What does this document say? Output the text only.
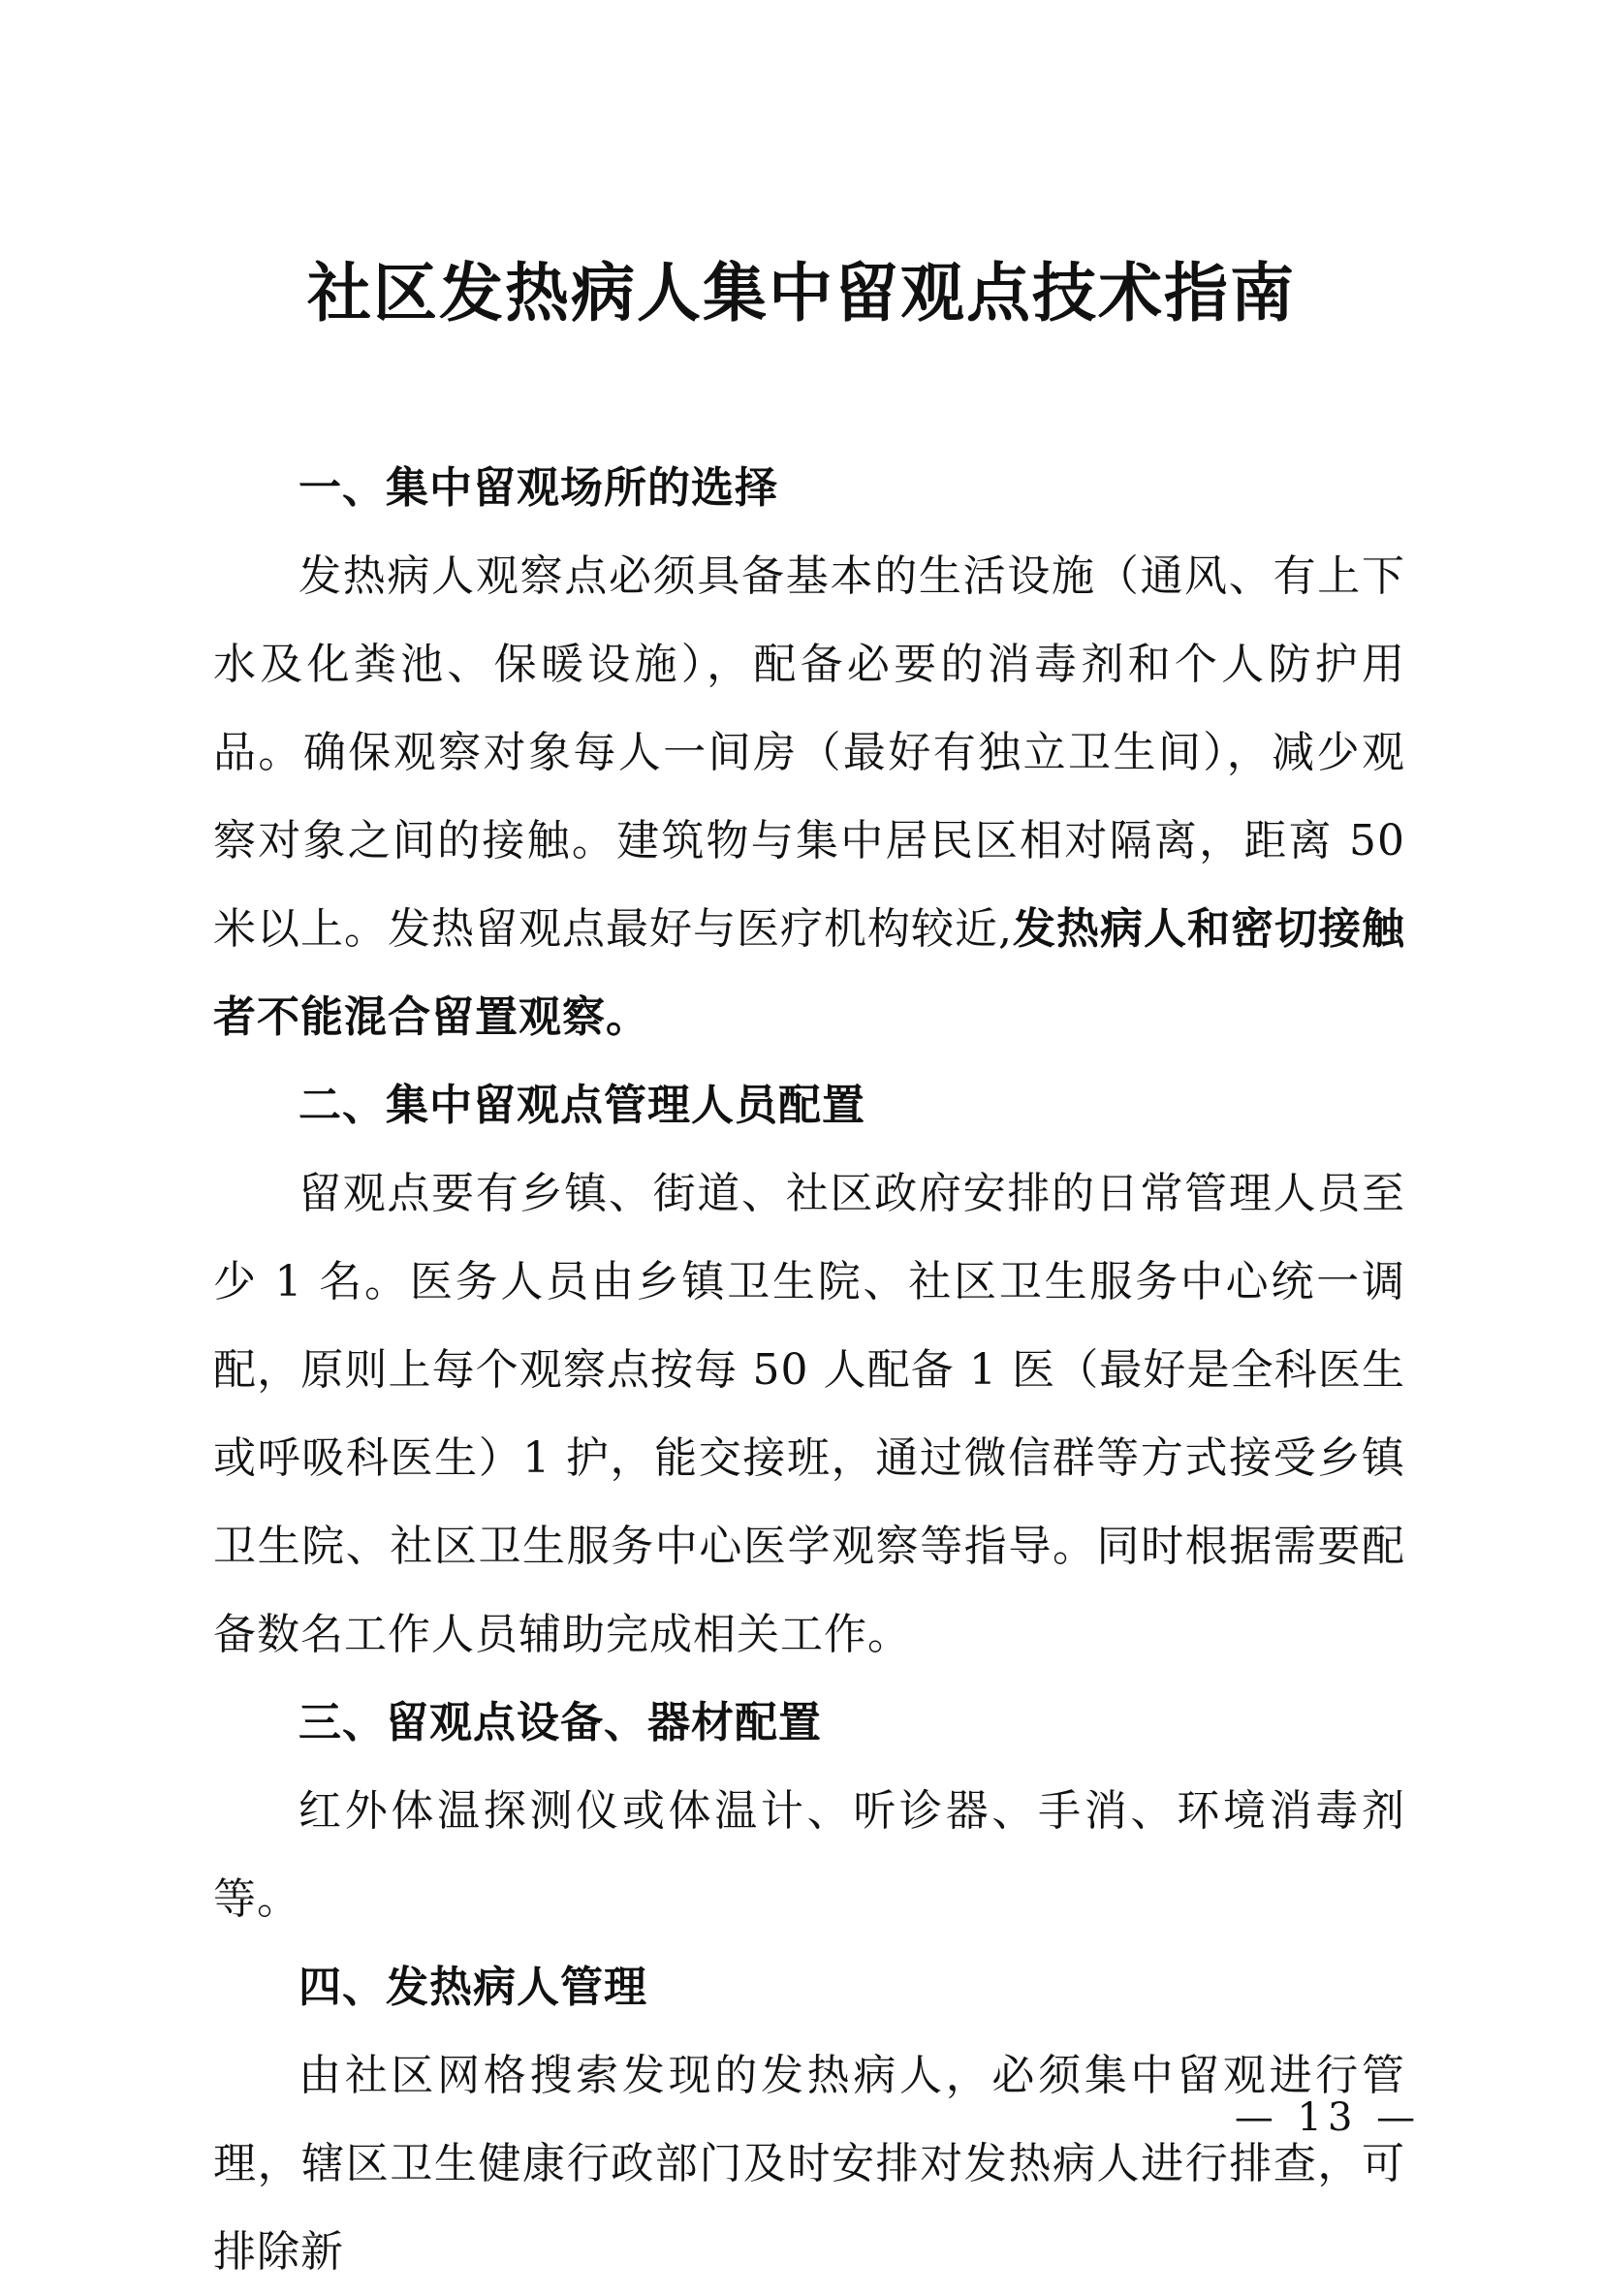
社区发热病人集中留观点技术指南
一、集中留观场所的选择

发热病人观察点必须具备基本的生活设施（通风、有上下水及化粪池、保暖设施），配备必要的消毒剂和个人防护用品。确保观察对象每人一间房（最好有独立卫生间），减少观察对象之间的接触。建筑物与集中居民区相对隔离，距离 50 米以上。发热留观点最好与医疗机构较近,发热病人和密切接触者不能混合留置观察。

二、集中留观点管理人员配置

留观点要有乡镇、街道、社区政府安排的日常管理人员至少 1 名。医务人员由乡镇卫生院、社区卫生服务中心统一调配，原则上每个观察点按每 50 人配备 1 医（最好是全科医生或呼吸科医生）1 护，能交接班，通过微信群等方式接受乡镇卫生院、社区卫生服务中心医学观察等指导。同时根据需要配备数名工作人员辅助完成相关工作。

三、留观点设备、器材配置

红外体温探测仪或体温计、听诊器、手消、环境消毒剂等。

四、发热病人管理

由社区网格搜索发现的发热病人，必须集中留观进行管理，辖区卫生健康行政部门及时安排对发热病人进行排查，可排除新

— 13 —
